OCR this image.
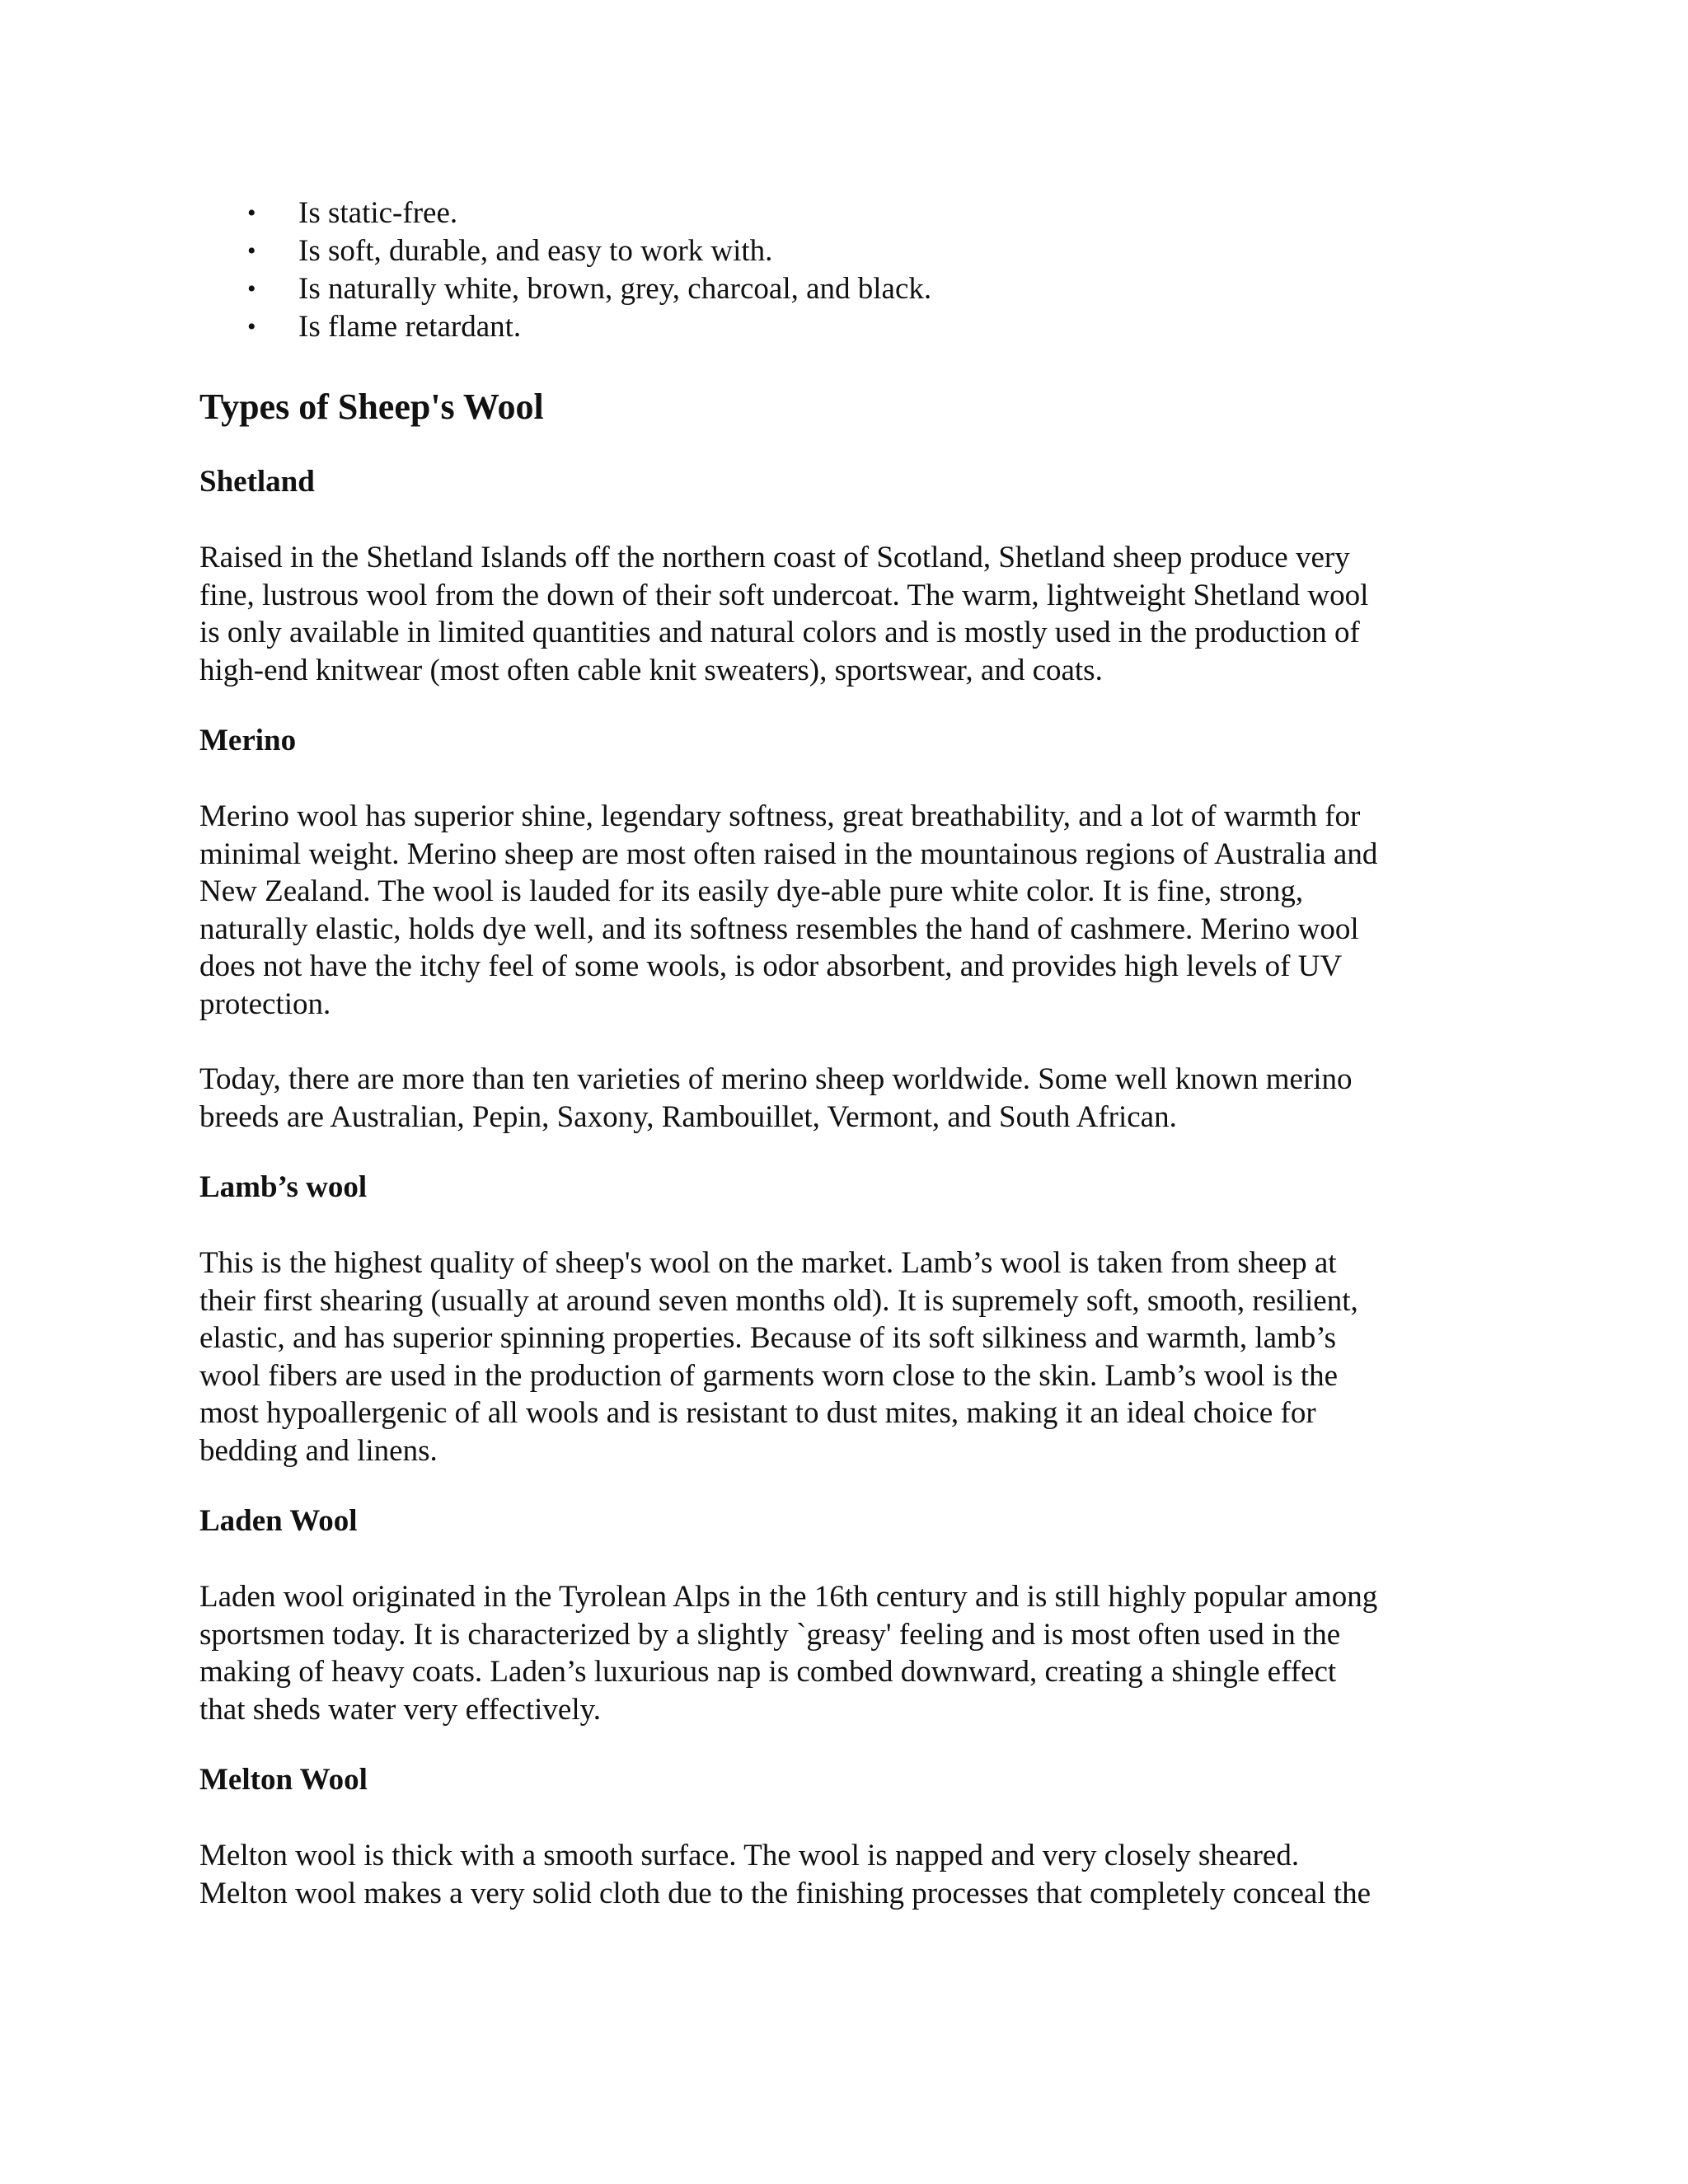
• Is static-free.
• Is soft, durable, and easy to work with.
• Is naturally white, brown, grey, charcoal, and black.
• Is flame retardant.
Types of Sheep's Wool
Shetland

Raised in the Shetland Islands off the northern coast of Scotland, Shetland sheep produce very
fine, lustrous wool from the down of their soft undercoat. The warm, lightweight Shetland wool
is only available in limited quantities and natural colors and is mostly used in the production of
high-end knitwear (most often cable knit sweaters), sportswear, and coats.

Merino

Merino wool has superior shine, legendary softness, great breathability, and a lot of warmth for
minimal weight. Merino sheep are most often raised in the mountainous regions of Australia and
New Zealand. The wool is lauded for its easily dye-able pure white color. It is fine, strong,
naturally elastic, holds dye well, and its softness resembles the hand of cashmere. Merino wool
does not have the itchy feel of some wools, is odor absorbent, and provides high levels of UV
protection.

Today, there are more than ten varieties of merino sheep worldwide. Some well known merino
breeds are Australian, Pepin, Saxony, Rambouillet, Vermont, and South African.

Lamb’s wool

This is the highest quality of sheep's wool on the market. Lamb’s wool is taken from sheep at
their first shearing (usually at around seven months old). It is supremely soft, smooth, resilient,
elastic, and has superior spinning properties. Because of its soft silkiness and warmth, lamb’s
wool fibers are used in the production of garments worn close to the skin. Lamb’s wool is the
most hypoallergenic of all wools and is resistant to dust mites, making it an ideal choice for
bedding and linens.

Laden Wool

Laden wool originated in the Tyrolean Alps in the 16th century and is still highly popular among
sportsmen today. It is characterized by a slightly `greasy' feeling and is most often used in the
making of heavy coats. Laden’s luxurious nap is combed downward, creating a shingle effect
that sheds water very effectively.

Melton Wool

Melton wool is thick with a smooth surface. The wool is napped and very closely sheared.
Melton wool makes a very solid cloth due to the finishing processes that completely conceal the
